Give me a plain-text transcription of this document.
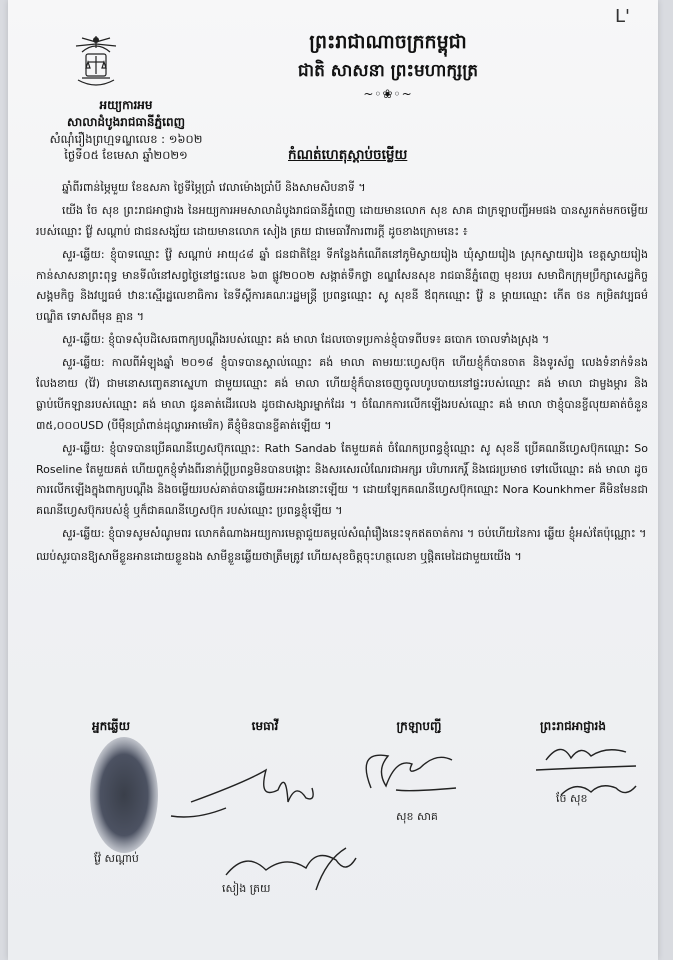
ᒪ'
ព្រះរាជាណាចក្រកម្ពុជា
ជាតិ សាសនា ព្រះមហាក្សត្រ
~◦❀◦~
អយ្យការអម
សាលាដំបូងរាជធានីភ្នំពេញ
សំណុំរឿងព្រហ្មទណ្ឌលេខ : ១៦០២
ថ្ងៃទី០៥ ខែមេសា ឆ្នាំ២០២១	កំណត់ហេតុស្តាប់ចម្លើយ

ឆ្នាំពីរពាន់ម្ភៃមួយ ខែឧសភា ថ្ងៃទីម្ភៃប្រាំ វេលាម៉ោងប្រាំបី និងសាមសិបនាទី ។

យើង ចែ សុខ ព្រះរាជអាជ្ញារង នៃអយ្យការអមសាលាដំបូងរាជធានីភ្នំពេញ ដោយមានលោក សុខ សាគ ជាក្រឡាបញ្ជីអមផង បានសួរកត់មកចម្លើយរបស់ឈ្មោះ វ៉ែ្ង សណ្តាប់ ជាជនសង្ស័យ ដោយមានលោក សៀង ត្រយ ជាមេធាវីការពារក្តី ដូចខាងក្រោមនេះ ៖

សួរ-ឆ្លើយ: ខ្ញុំបាទឈ្មោះ វ៉ែ្ង សណ្តាប់ អាយុ៤៨ ឆ្នាំ ជនជាតិខ្មែរ ទីកន្លែងកំណើតនៅភូមិស្វាយរៀង ឃុំស្វាយរៀង ស្រុកស្វាយរៀង ខេត្តស្វាយរៀង កាន់សាសនាព្រះពុទ្ធ មានទីលំនៅសព្វថ្ងៃនៅផ្ទះលេខ ៦៣ ផ្លូវ២០០២ សង្កាត់ទឹកថ្លា ខណ្ឌសែនសុខ រាជធានីភ្នំពេញ មុខរបរ សមាជិកក្រុមប្រឹក្សាសេដ្ឋកិច្ច សង្គមកិច្ច និងវប្បធម៌ ឋានៈស្មើរដ្ឋលេខាធិការ នៃទីស្តីការគណៈរដ្ឋមន្ត្រី ប្រពន្ធឈ្មោះ សូ សុខនី ឪពុកឈ្មោះ វ៉ែ្ង ន ម្តាយឈ្មោះ កើត ថន កម្រិតវប្បធម៌ បណ្ឌិត ទោសពីមុន គ្មាន ។

សួរ-ឆ្លើយ: ខ្ញុំបាទសុំបដិសេធពាក្យបណ្តឹងរបស់ឈ្មោះ គង់ មាលា ដែលចោទប្រកាន់ខ្ញុំបាទពីបទ៖ ឆបោក ចោលទាំងស្រុង ។

សួរ-ឆ្លើយ: កាលពីអំឡុងឆ្នាំ ២០១៨ ខ្ញុំបាទបានស្គាល់ឈ្មោះ គង់ មាលា តាមរយៈហ្វេសប៊ុក ហើយខ្ញុំក៏បានចាត និងទូរស័ព្ទ លេងទំនាក់ទំនងលែងខាយ (វ៉ៃ) ជាមនោសញ្ចេតនាស្នេហា ជាមួយឈ្មោះ គង់ មាលា ហើយខ្ញុំក៏បានចេញចូលហូបបាយនៅផ្ទះរបស់ឈ្មោះ គង់ មាលា ជាម្ចងម្ការ និងធ្លាប់បើកឡានរបស់ឈ្មោះ គង់ មាលា ជូនគាត់ដើរលេង ដូចជាសង្សារម្នាក់ដែរ ។ ចំណែកការលើកឡើងរបស់ឈ្មោះ គង់ មាលា ថាខ្ញុំបានខ្ចីលុយគាត់ចំនួន ៣៥,០០០USD (បីម៉ឺនប្រាំពាន់ដុល្លារអាមេរិក) គឺខ្ញុំមិនបានខ្ចីគាត់ឡើយ ។

សួរ-ឆ្លើយ: ខ្ញុំបាទបានប្រើគណនីហ្វេសប៊ុកឈ្មោះ: Rath Sandab តែមួយគត់ ចំណែកប្រពន្ធខ្ញុំឈ្មោះ សូ សុខនី ប្រើគណនីហ្វេសប៊ុកឈ្មោះ So Roseline តែមួយគត់ ហើយពួកខ្ញុំទាំងពីរនាក់ប្តីប្រពន្ធមិនបានបង្កោះ និងសរសេរលំណែរជាអក្សរ បរិហារកេរ្តិ៍ និងជេរប្រមាថ ទៅលើឈ្មោះ គង់ មាលា ដូចការលើកឡើងក្នុងពាក្យបណ្តឹង និងចម្លើយរបស់គាត់បានឆ្លើយអះអាងនោះឡើយ ។ ដោយឡែកគណនីហ្វេសប៊ុកឈ្មោះ Nora Kounkhmer គឺមិនមែនជាគណនីហ្វេសប៊ុករបស់ខ្ញុំ ឬក៏ជាគណនីហ្វេសប៊ុក របស់ឈ្មោះ ប្រពន្ធខ្ញុំឡើយ ។

សួរ-ឆ្លើយ: ខ្ញុំបាទសូមសំណូមពរ លោកតំណាងអយ្យការមេត្តាជួយតម្កល់សំណុំរឿងនេះទុកឥតចាត់ការ ។ ចប់ហើយនៃការ ឆ្លើយ ខ្ញុំអស់តែប៉ុណ្ណោះ ។

ឈប់សួរបានឱ្យសាមីខ្លួនអានដោយខ្លួនឯង សាមីខ្លួនឆ្លើយថាត្រឹមត្រូវ ហើយសុខចិត្តចុះហត្ថលេខា ឬផ្តិតមេដៃជាមួយយើង ។

អ្នកឆ្លើយ	មេធាវី	ក្រឡាបញ្ជី	ព្រះរាជអាជ្ញារង
វ៉ែ្ង សណ្តាប់
សៀង ត្រយ
សុខ សាគ
ចែ សុខ
